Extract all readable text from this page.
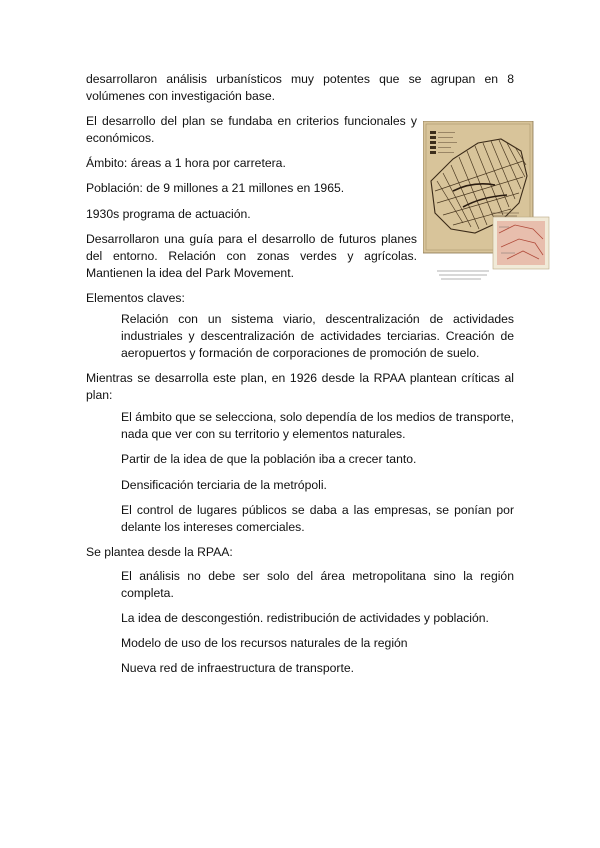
desarrollaron análisis urbanísticos muy potentes que se agrupan en 8 volúmenes con investigación base.

El desarrollo del plan se fundaba en criterios funcionales y económicos.

Ámbito: áreas a 1 hora por carretera.

Población: de 9 millones a 21 millones en 1965.

1930s programa de actuación.

Desarrollaron una guía para el desarrollo de futuros planes del entorno. Relación con zonas verdes y agrícolas. Mantienen la idea del Park Movement.

Elementos claves:

Relación con un sistema viario, descentralización de actividades industriales y descentralización de actividades terciarias. Creación de aeropuertos y formación de corporaciones de promoción de suelo.

Mientras se desarrolla este plan, en 1926 desde la RPAA plantean críticas al plan:

El ámbito que se selecciona, solo dependía de los medios de transporte, nada que ver con su territorio y elementos naturales.

Partir de la idea de que la población iba a crecer tanto.

Densificación terciaria de la metrópoli.

El control de lugares públicos se daba a las empresas, se ponían por delante los intereses comerciales.

Se plantea desde la RPAA:

El análisis no debe ser solo del área metropolitana sino la región completa.

La idea de descongestión. redistribución de actividades y población.

Modelo de uso de los recursos naturales de la región

Nueva red de infraestructura de transporte.
